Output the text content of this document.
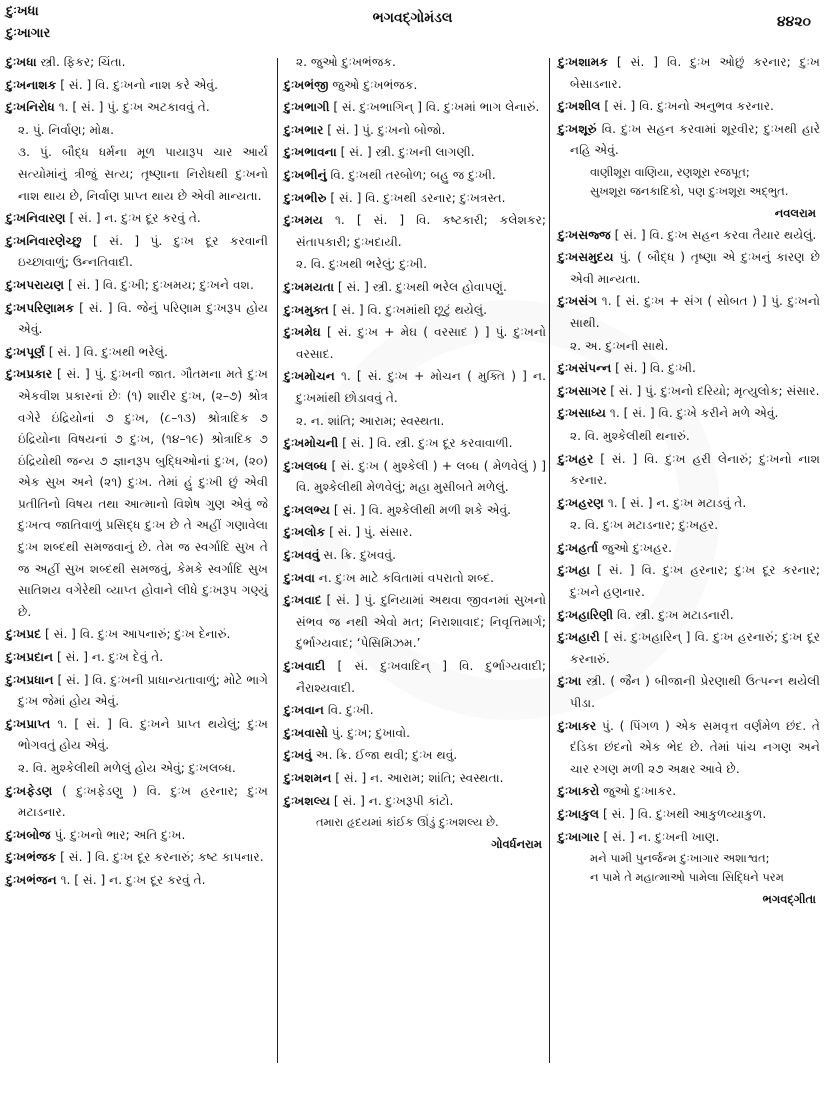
દુઃખધા
દુઃખાગાર
ભગવદ્ગોમંડલ	૪૪૨૦
દુઃખધા સ્ત્રી. ફિકર; ચિંતા.
દુઃખનાશક [ સં. ] વિ. દુઃખનો નાશ કરે એવું.
દુઃખનિરોધ ૧. [ સં. ] પું. દુઃખ અટકાવવું તે.
૨. પું. નિર્વાણ; મોક્ષ.
૩. પું. બૌદ્ધ ધર્મના મૂળ પાયારૂપ ચાર આર્ય સત્યોમાંનું ત્રીજું સત્ય; તૃષ્ણાના નિરોધથી દુઃખનો નાશ થાય છે, નિર્વાણ પ્રાપ્ત થાય છે એવી માન્યતા.
દુઃખનિવારણ [ સં. ] ન. દુઃખ દૂર કરવું તે.
દુઃખનિવારણેચ્છુ [ સં. ] પું. દુઃખ દૂર કરવાની ઇચ્છાવાળું; ઉન્નતિવાદી.
દુઃખપરાયણ [ સં. ] વિ. દુઃખી; દુઃખમય; દુઃખને વશ.
દુઃખપરિણામક [ સં. ] વિ. જેનું પરિણામ દુઃખરૂપ હોય એવું.
દુઃખપૂર્ણ [ સં. ] વિ. દુઃખથી ભરેલું.
દુઃખપ્રકાર [ સં. ] પું. દુઃખની જાત. ગૌતમના મતે દુઃખ એકવીશ પ્રકારનાં છેઃ (૧) શારીર દુઃખ, (૨–૭) શ્રોત્ર વગેરે ઇંદ્રિયોનાં ૭ દુઃખ, (૮–૧૩) શ્રોત્રાદિક ૭ ઇંદ્રિયોના વિષયનાં ૭ દુઃખ, (૧૪–૧૯) શ્રોત્રાદિક ૭ ઇંદ્રિયોથી જન્ય ૭ જ્ઞાનરૂપ બુદ્ધિઓનાં દુઃખ, (૨૦) એક સુખ અને (૨૧) દુઃખ. તેમાં હું દુઃખી છું એવી પ્રતીતિનો વિષય તથા આત્માનો વિશેષ ગુણ એવું જે દુઃખત્વ જાતિવાળું પ્રસિદ્ધ દુઃખ છે તે અહીં ગણાવેલા દુઃખ શબ્દથી સમજવાનું છે. તેમ જ સ્વર્ગાદિ સુખ તે જ અહીં સુખ શબ્દથી સમજવું, કેમકે સ્વર્ગાદિ સુખ સાતિશય વગેરેથી વ્યાપ્ત હોવાને લીધે દુઃખરૂપ ગણ્યું છે.
દુઃખપ્રદ [ સં. ] વિ. દુઃખ આપનારું; દુઃખ દેનારું.
દુઃખપ્રદાન [ સં. ] ન. દુઃખ દેવું તે.
દુઃખપ્રધાન [ સં. ] વિ. દુઃખની પ્રાધાન્યતાવાળું; મોટે ભાગે દુઃખ જેમાં હોય એવું.
દુઃખપ્રાપ્ત ૧. [ સં. ] વિ. દુઃખને પ્રાપ્ત થયેલું; દુઃખ ભોગવતું હોય એવું.
૨. વિ. મુશ્કેલીથી મળેલું હોય એવું; દુઃખલબ્ધ.
દુઃખફેડણ ( દુઃખફેડણુ ) વિ. દુઃખ હરનાર; દુઃખ મટાડનાર.
દુઃખબોજ પું. દુઃખનો ભાર; અતિ દુઃખ.
દુઃખભંજક [ સં. ] વિ. દુઃખ દૂર કરનારું; કષ્ટ કાપનાર.
દુઃખભંજન ૧. [ સં. ] ન. દુઃખ દૂર કરવું તે.
૨. જુઓ દુઃખભંજક.
દુઃખભંજી જુઓ દુઃખભંજક.
દુઃખભાગી [ સં. દુઃખભાગિન્ ] વિ. દુઃખમાં ભાગ લેનારું.
દુઃખભાર [ સં. ] પું. દુઃખનો બોજો.
દુઃખભાવના [ સં. ] સ્ત્રી. દુઃખની લાગણી.
દુઃખભીનું વિ. દુઃખથી તરબોળ; બહુ જ દુઃખી.
દુઃખભીરુ [ સં. ] વિ. દુઃખથી ડરનાર; દુઃખત્રસ્ત.
દુઃખમય ૧. [ સં. ] વિ. કષ્ટકારી; કલેશકર; સંતાપકારી; દુઃખદાયી.
૨. વિ. દુઃખથી ભરેલું; દુઃખી.
દુઃખમયતા [ સં. ] સ્ત્રી. દુઃખથી ભરેલ હોવાપણું.
દુઃખમુક્ત [ સં. ] વિ. દુઃખમાંથી છૂટું થયેલું.
દુઃખમેઘ [ સં. દુઃખ + મેઘ ( વરસાદ ) ] પું. દુઃખનો વરસાદ.
દુઃખમોચન ૧. [ સં. દુઃખ + મોચન ( મુક્તિ ) ] ન. દુઃખમાંથી છોડાવવું તે.
૨. ન. શાંતિ; આરામ; સ્વસ્થતા.
દુઃખમોચની [ સં. ] વિ. સ્ત્રી. દુઃખ દૂર કરવાવાળી.
દુઃખલબ્ધ [ સં. દુઃખ ( મુશ્કેલી ) + લબ્ધ ( મેળવેલું ) ] વિ. મુશ્કેલીથી મેળવેલું; મહા મુસીબતે મળેલું.
દુઃખલભ્ય [ સં. ] વિ. મુશ્કેલીથી મળી શકે એવું.
દુઃખલોક [ સં. ] પું. સંસાર.
દુઃખવવું સ. ક્રિ. દુખવવું.
દુઃખવા ન. દુઃખ માટે કવિતામાં વપરાતો શબ્દ.
દુઃખવાદ [ સં. ] પું. દુનિયામાં અથવા જીવનમાં સુખનો સંભવ જ નથી એવો મત; નિરાશાવાદ; નિવૃત્તિમાર્ગ; દુર્ભાગ્યવાદ; ‘પેસિમિઝમ.’
દુઃખવાદી [ સં. દુઃખવાદિન્ ] વિ. દુર્ભાગ્યવાદી; નૈરાશ્યવાદી.
દુઃખવાન વિ. દુઃખી.
દુઃખવાસો પું. દુઃખ; દુખાવો.
દુઃખવું અ. ક્રિ. ઈજા થવી; દુઃખ થવું.
દુઃખશમન [ સં. ] ન. આરામ; શાંતિ; સ્વસ્થતા.
દુઃખશલ્ય [ સં. ] ન. દુઃખરૂપી કાંટો.
તમારા હૃદયમાં કાંઈક ઊંડું દુઃખશલ્ય છે.
ગોવર્ધનરામ
દુઃખશામક [ સં. ] વિ. દુઃખ ઓછું કરનાર; દુઃખ બેસાડનાર.
દુઃખશીલ [ સં. ] વિ. દુઃખનો અનુભવ કરનાર.
દુઃખશૂરું વિ. દુઃખ સહન કરવામાં શૂરવીર; દુઃખથી હારે નહિ એવું.
વાણીશૂરા વાણિયા, રણશૂરા રજપૂત;
સુખશૂરા જનકાદિકો, પણ દુઃખશૂરા અદ્ભુત.
નવલરામ
દુઃખસજ્જ [ સં. ] વિ. દુઃખ સહન કરવા તૈયાર થયેલું.
દુઃખસમુદય પું. ( બૌદ્ધ ) તૃષ્ણા એ દુઃખનું કારણ છે એવી માન્યતા.
દુઃખસંગ ૧. [ સં. દુઃખ + સંગ ( સોબત ) ] પું. દુઃખનો સાથી.
૨. અ. દુઃખની સાથે.
દુઃખસંપન્ન [ સં. ] વિ. દુઃખી.
દુઃખસાગર [ સં. ] પું. દુઃખનો દરિયો; મૃત્યુલોક; સંસાર.
દુઃખસાધ્ય ૧. [ સં. ] વિ. દુઃખે કરીને મળે એવું.
૨. વિ. મુશ્કેલીથી થનારું.
દુઃખહર [ સં. ] વિ. દુઃખ હરી લેનારું; દુઃખનો નાશ કરનાર.
દુઃખહરણ ૧. [ સં. ] ન. દુઃખ મટાડવું તે.
૨. વિ. દુઃખ મટાડનાર; દુઃખહર.
દુઃખહર્તા જુઓ દુઃખહર.
દુઃખહા [ સં. ] વિ. દુઃખ હરનાર; દુઃખ દૂર કરનાર; દુઃખને હણનાર.
દુઃખહારિણી વિ. સ્ત્રી. દુઃખ મટાડનારી.
દુઃખહારી [ સં. દુઃખહારિન્ ] વિ. દુઃખ હરનારું; દુઃખ દૂર કરનારું.
દુઃખા સ્ત્રી. ( જૈન ) બીજાની પ્રેરણાથી ઉત્પન્ન થયેલી પીડા.
દુઃખાકર પું. ( પિંગળ ) એક સમવૃત્ત વર્ણમેળ છંદ. તે દંડિકા છંદનો એક ભેદ છે. તેમાં પાંચ નગણ અને ચાર રગણ મળી ૨૭ અક્ષર આવે છે.
દુઃખાકરો જુઓ દુઃખાકર.
દુઃખાકુલ [ સં. ] વિ. દુઃખથી આકુળવ્યાકુળ.
દુઃખાગાર [ સં. ] ન. દુઃખની ખાણ.
મને પામી પુનર્જન્મ દુઃખાગાર અશાશ્વત;
ન પામે તે મહાત્માઓ પામેલા સિદ્ધિને પરમ
ભગવદ્ગીતા
